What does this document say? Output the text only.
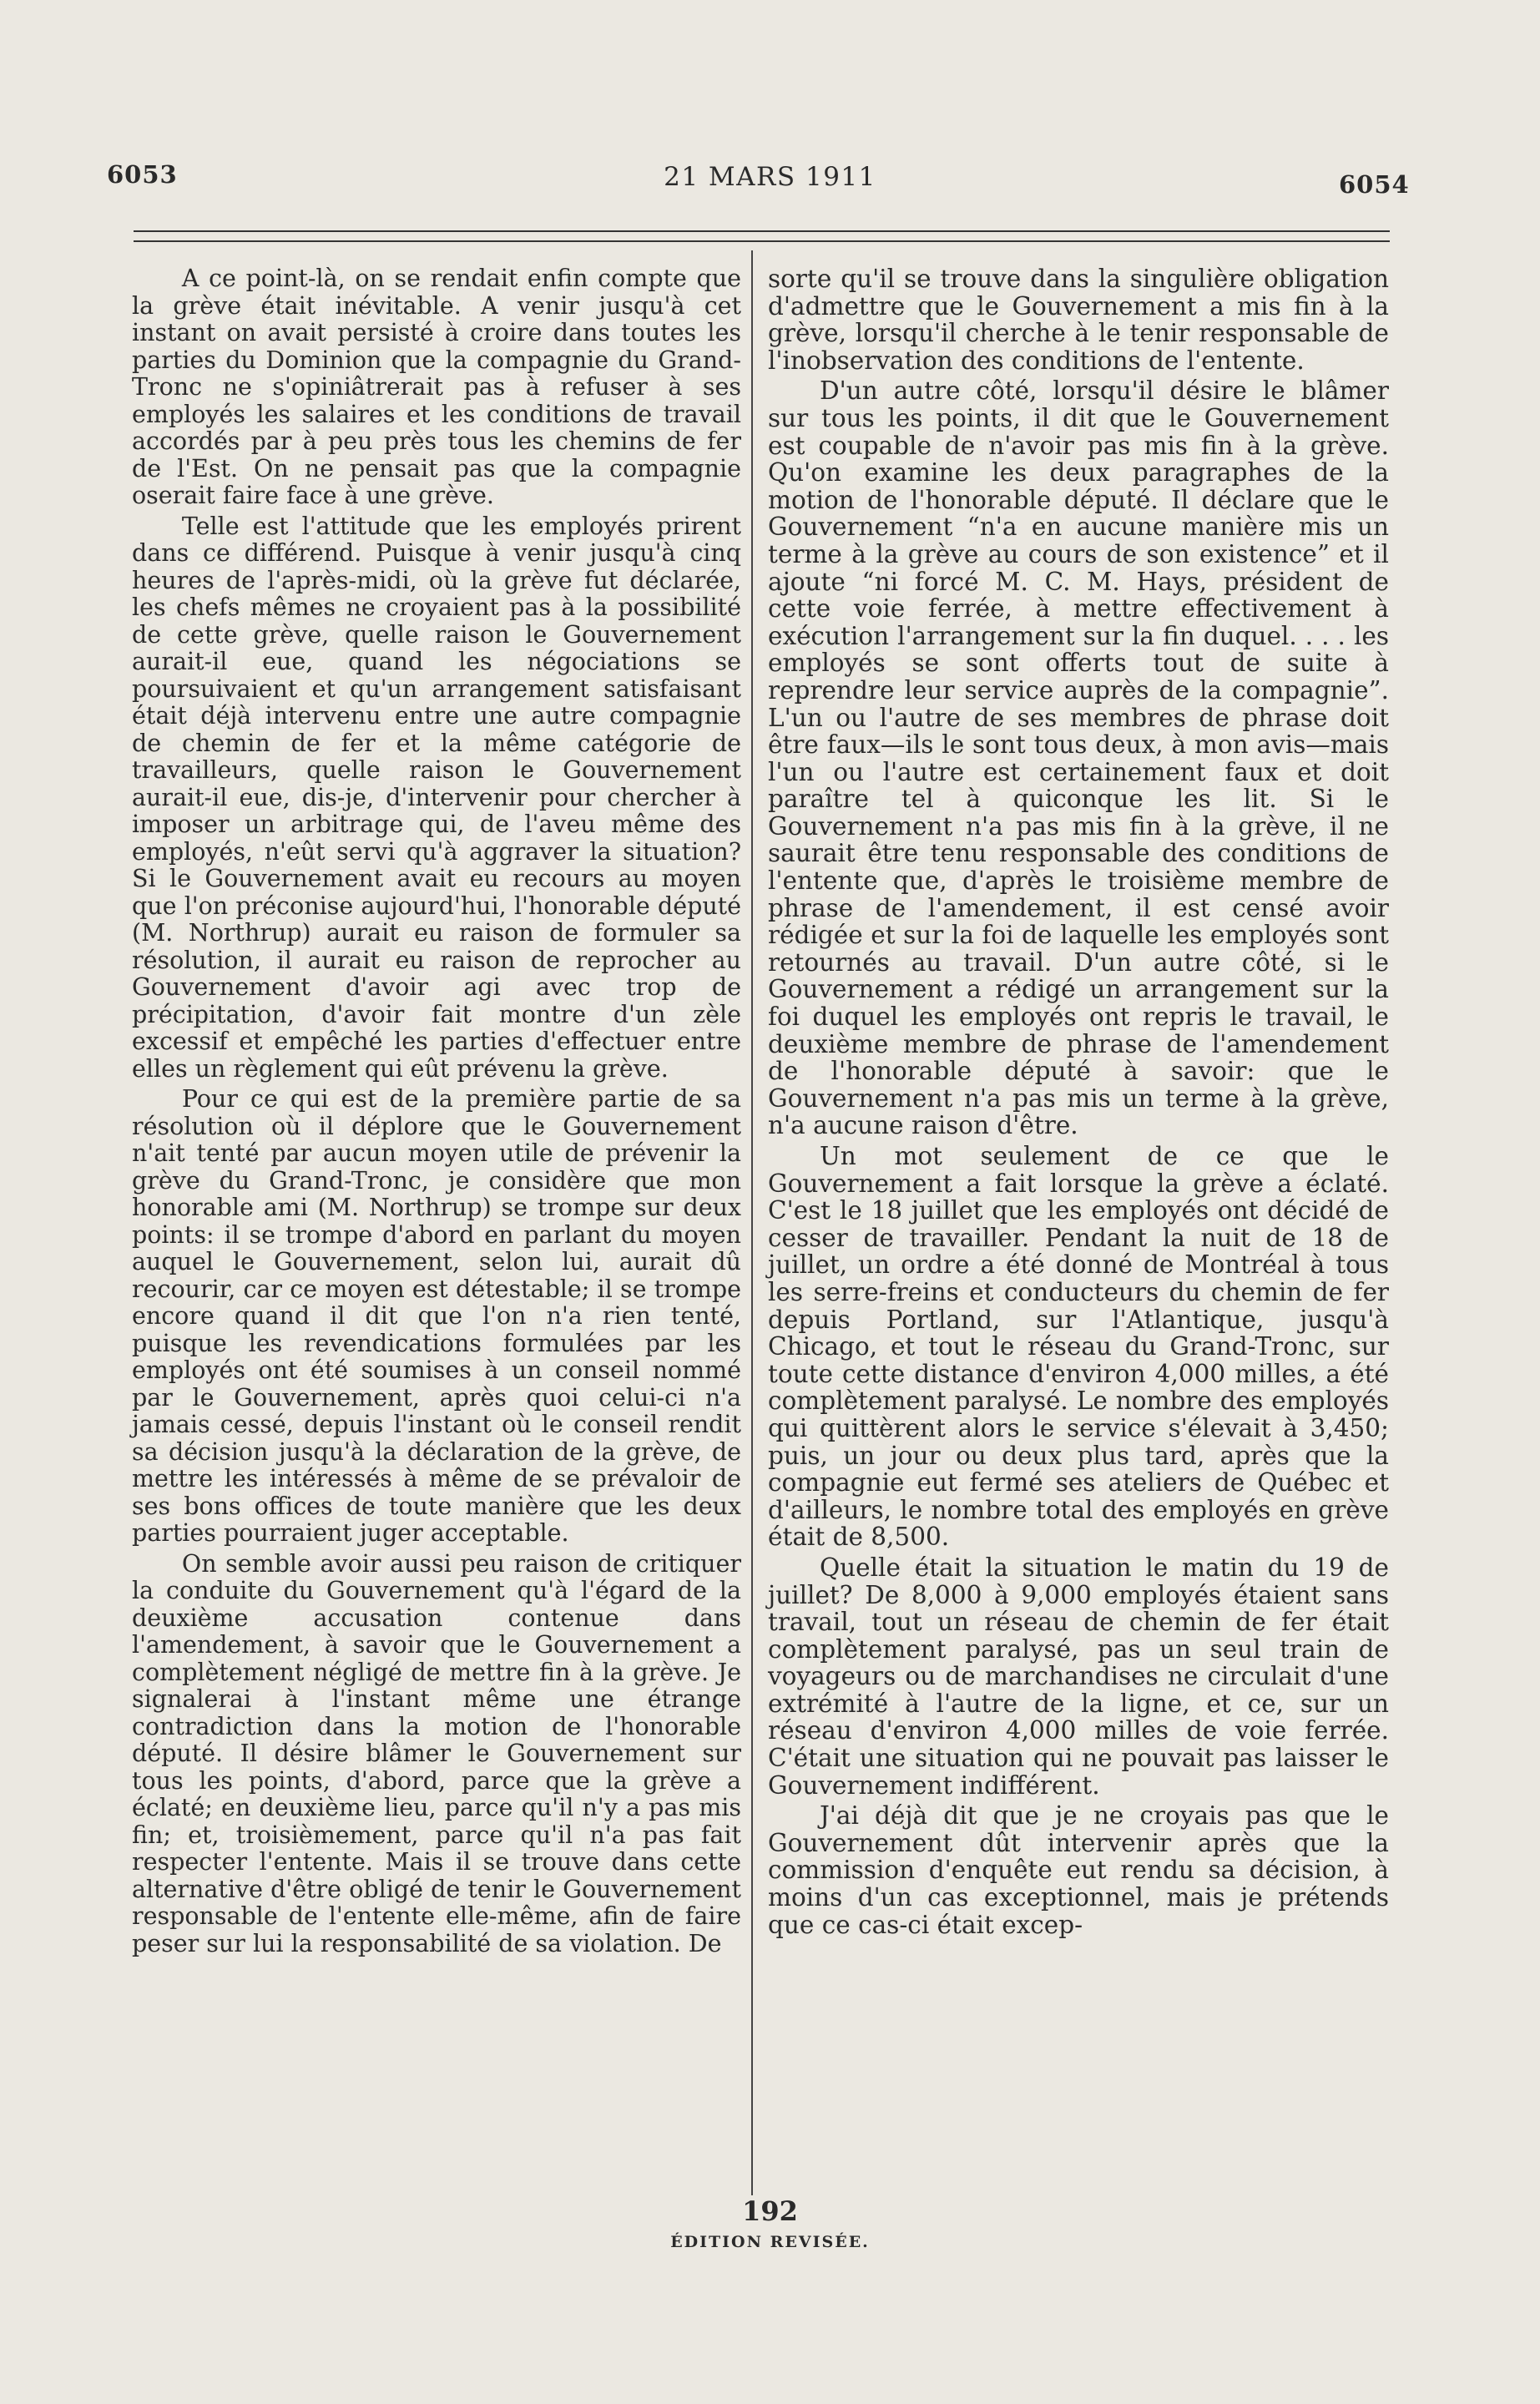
6053	21 MARS 1911	6054

A ce point-là, on se rendait enfin compte que la grève était inévitable. A venir jusqu'à cet instant on avait persisté à croire dans toutes les parties du Dominion que la compagnie du Grand-Tronc ne s'opiniâtrerait pas à refuser à ses employés les salaires et les conditions de travail accordés par à peu près tous les chemins de fer de l'Est. On ne pensait pas que la compagnie oserait faire face à une grève.

Telle est l'attitude que les employés prirent dans ce différend. Puisque à venir jusqu'à cinq heures de l'après-midi, où la grève fut déclarée, les chefs mêmes ne croyaient pas à la possibilité de cette grève, quelle raison le Gouvernement aurait-il eue, quand les négociations se poursuivaient et qu'un arrangement satisfaisant était déjà intervenu entre une autre compagnie de chemin de fer et la même catégorie de travailleurs, quelle raison le Gouvernement aurait-il eue, dis-je, d'intervenir pour chercher à imposer un arbitrage qui, de l'aveu même des employés, n'eût servi qu'à aggraver la situation? Si le Gouvernement avait eu recours au moyen que l'on préconise aujourd'hui, l'honorable député (M. Northrup) aurait eu raison de formuler sa résolution, il aurait eu raison de reprocher au Gouvernement d'avoir agi avec trop de précipitation, d'avoir fait montre d'un zèle excessif et empêché les parties d'effectuer entre elles un règlement qui eût prévenu la grève.

Pour ce qui est de la première partie de sa résolution où il déplore que le Gouvernement n'ait tenté par aucun moyen utile de prévenir la grève du Grand-Tronc, je considère que mon honorable ami (M. Northrup) se trompe sur deux points: il se trompe d'abord en parlant du moyen auquel le Gouvernement, selon lui, aurait dû recourir, car ce moyen est détestable; il se trompe encore quand il dit que l'on n'a rien tenté, puisque les revendications formulées par les employés ont été soumises à un conseil nommé par le Gouvernement, après quoi celui-ci n'a jamais cessé, depuis l'instant où le conseil rendit sa décision jusqu'à la déclaration de la grève, de mettre les intéressés à même de se prévaloir de ses bons offices de toute manière que les deux parties pourraient juger acceptable.

On semble avoir aussi peu raison de critiquer la conduite du Gouvernement qu'à l'égard de la deuxième accusation contenue dans l'amendement, à savoir que le Gouvernement a complètement négligé de mettre fin à la grève. Je signalerai à l'instant même une étrange contradiction dans la motion de l'honorable député. Il désire blâmer le Gouvernement sur tous les points, d'abord, parce que la grève a éclaté; en deuxième lieu, parce qu'il n'y a pas mis fin; et, troisièmement, parce qu'il n'a pas fait respecter l'entente. Mais il se trouve dans cette alternative d'être obligé de tenir le Gouvernement responsable de l'entente elle-même, afin de faire peser sur lui la responsabilité de sa violation. De

sorte qu'il se trouve dans la singulière obligation d'admettre que le Gouvernement a mis fin à la grève, lorsqu'il cherche à le tenir responsable de l'inobservation des conditions de l'entente.

D'un autre côté, lorsqu'il désire le blâmer sur tous les points, il dit que le Gouvernement est coupable de n'avoir pas mis fin à la grève. Qu'on examine les deux paragraphes de la motion de l'honorable député. Il déclare que le Gouvernement “n'a en aucune manière mis un terme à la grève au cours de son existence” et il ajoute “ni forcé M. C. M. Hays, président de cette voie ferrée, à mettre effectivement à exécution l'arrangement sur la fin duquel. . . . les employés se sont offerts tout de suite à reprendre leur service auprès de la compagnie”. L'un ou l'autre de ses membres de phrase doit être faux—ils le sont tous deux, à mon avis—mais l'un ou l'autre est certainement faux et doit paraître tel à quiconque les lit. Si le Gouvernement n'a pas mis fin à la grève, il ne saurait être tenu responsable des conditions de l'entente que, d'après le troisième membre de phrase de l'amendement, il est censé avoir rédigée et sur la foi de laquelle les employés sont retournés au travail. D'un autre côté, si le Gouvernement a rédigé un arrangement sur la foi duquel les employés ont repris le travail, le deuxième membre de phrase de l'amendement de l'honorable député à savoir: que le Gouvernement n'a pas mis un terme à la grève, n'a aucune raison d'être.

Un mot seulement de ce que le Gouvernement a fait lorsque la grève a éclaté. C'est le 18 juillet que les employés ont décidé de cesser de travailler. Pendant la nuit de 18 de juillet, un ordre a été donné de Montréal à tous les serre-freins et conducteurs du chemin de fer depuis Portland, sur l'Atlantique, jusqu'à Chicago, et tout le réseau du Grand-Tronc, sur toute cette distance d'environ 4,000 milles, a été complètement paralysé. Le nombre des employés qui quittèrent alors le service s'élevait à 3,450; puis, un jour ou deux plus tard, après que la compagnie eut fermé ses ateliers de Québec et d'ailleurs, le nombre total des employés en grève était de 8,500.

Quelle était la situation le matin du 19 de juillet? De 8,000 à 9,000 employés étaient sans travail, tout un réseau de chemin de fer était complètement paralysé, pas un seul train de voyageurs ou de marchandises ne circulait d'une extrémité à l'autre de la ligne, et ce, sur un réseau d'environ 4,000 milles de voie ferrée. C'était une situation qui ne pouvait pas laisser le Gouvernement indifférent.

J'ai déjà dit que je ne croyais pas que le Gouvernement dût intervenir après que la commission d'enquête eut rendu sa décision, à moins d'un cas exceptionnel, mais je prétends que ce cas-ci était excep-

192
ÉDITION REVISÉE.
